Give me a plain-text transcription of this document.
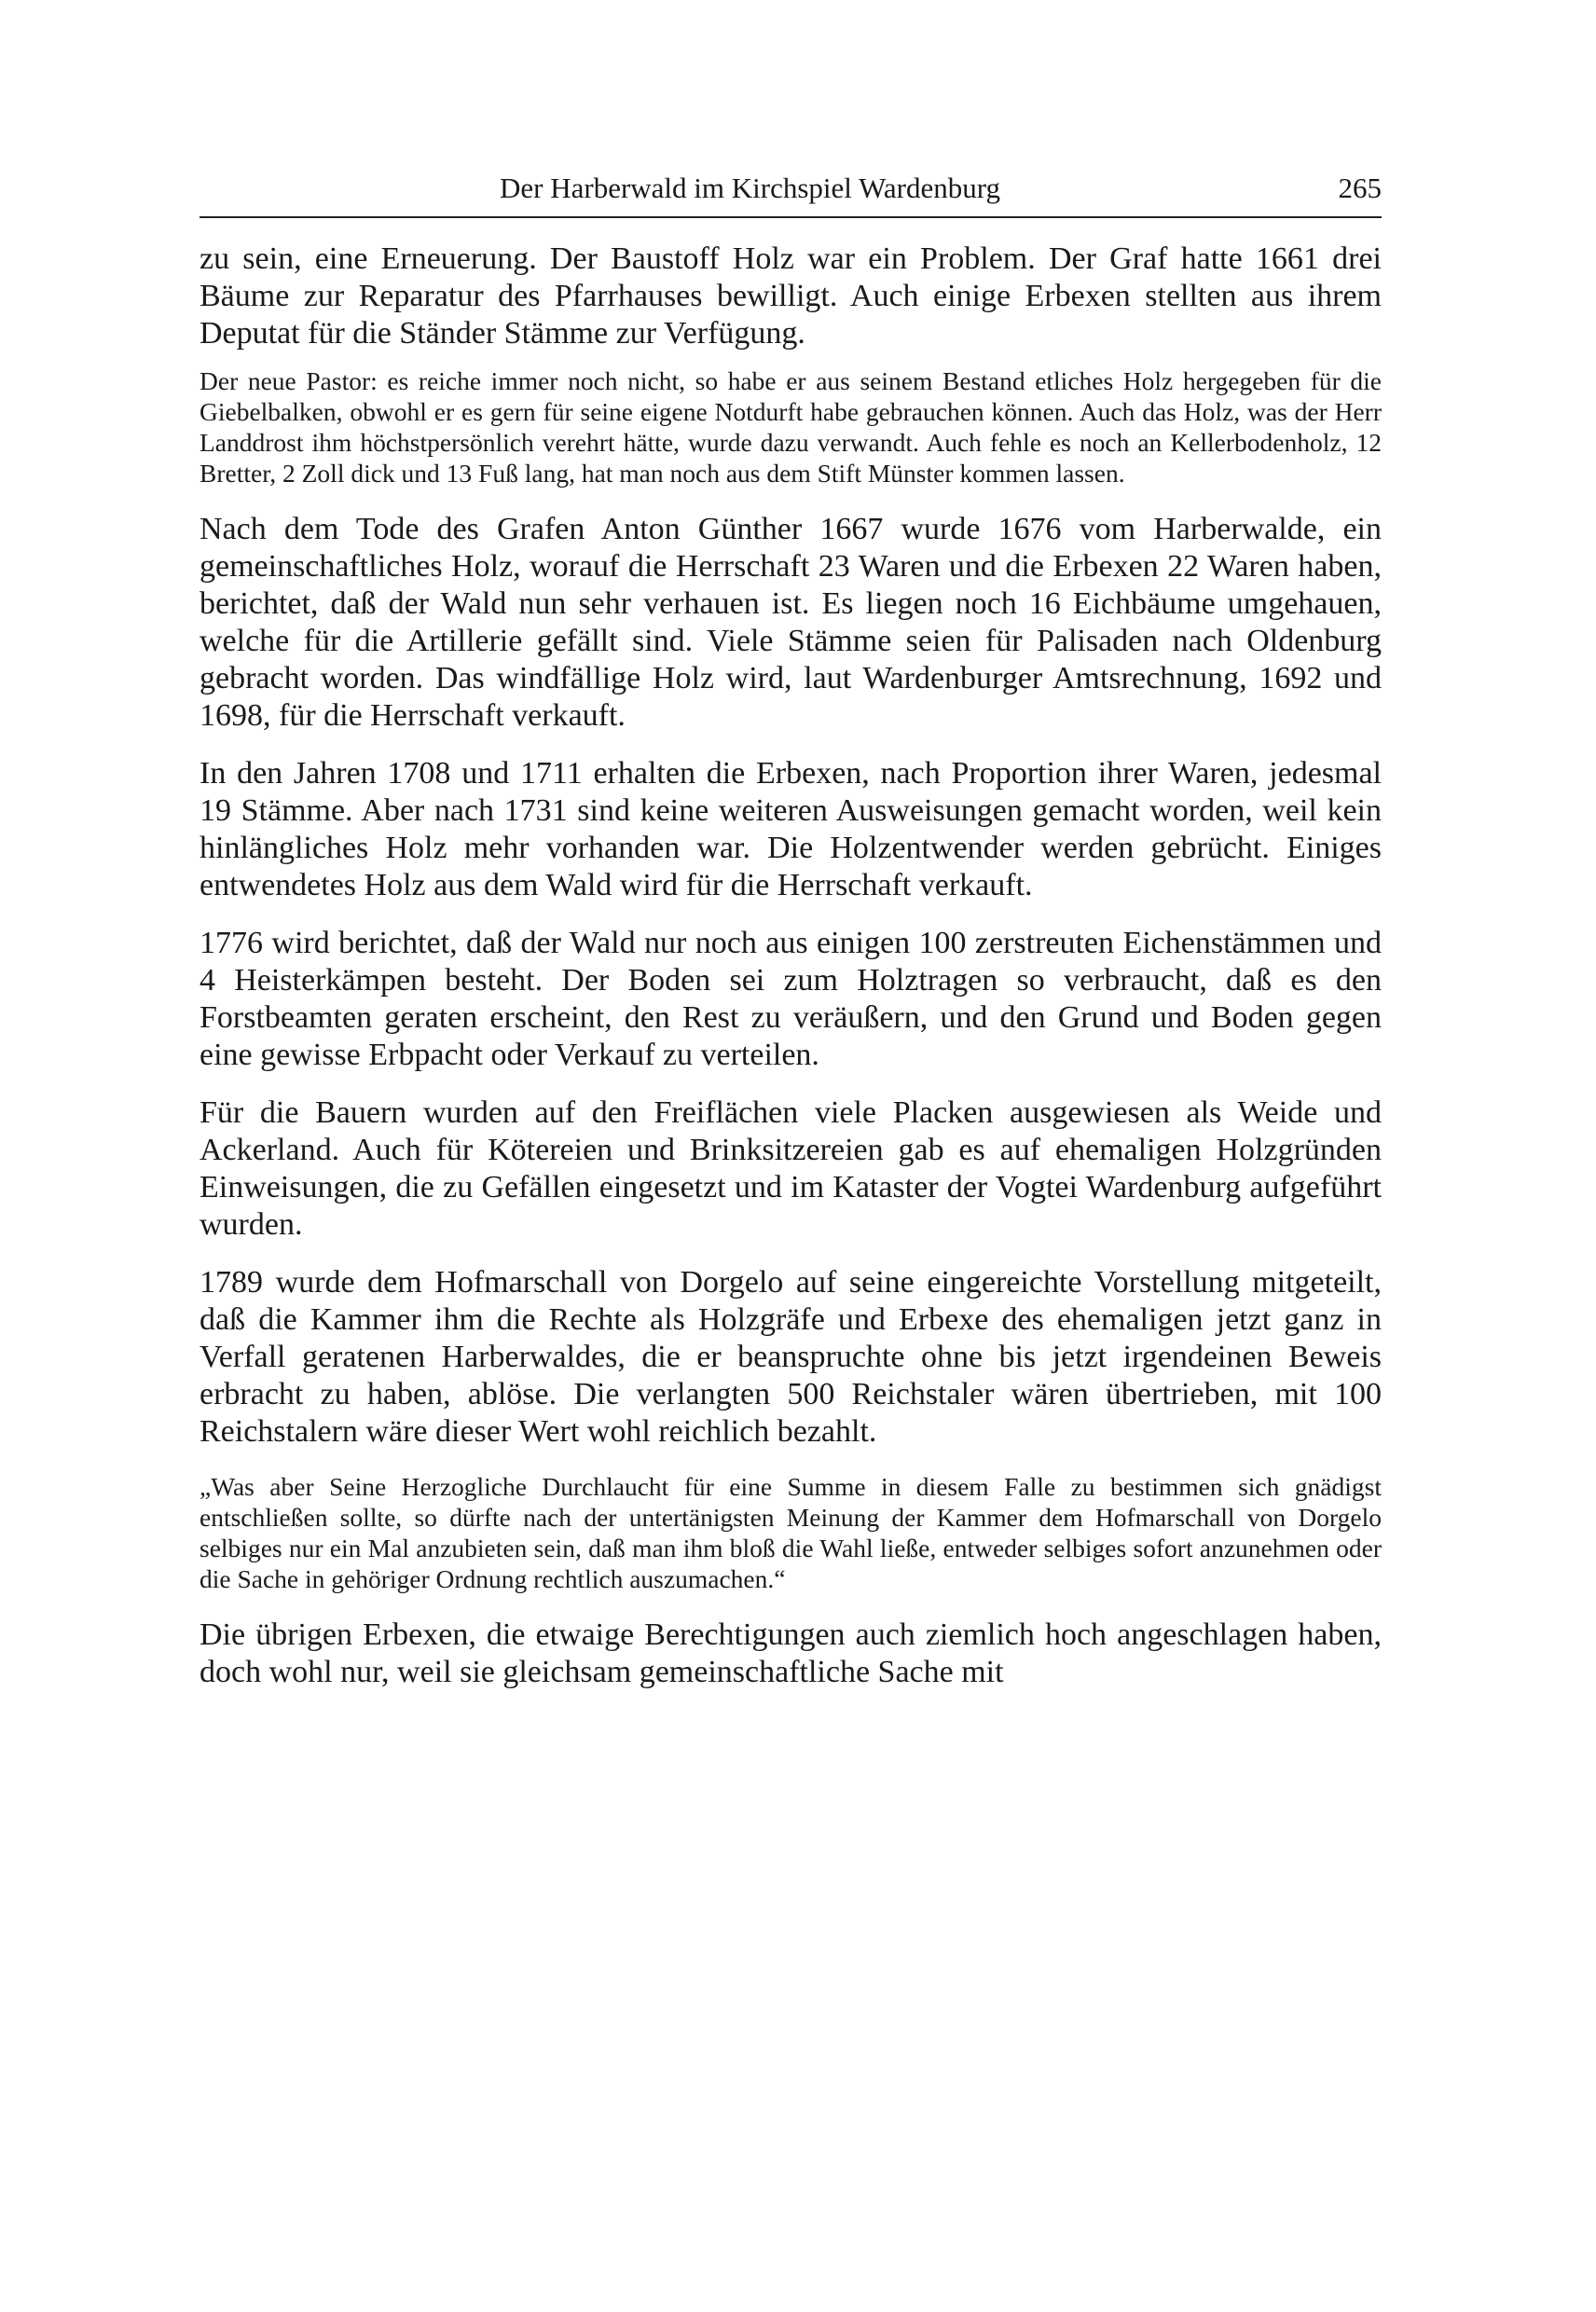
Der Harberwald im Kirchspiel Wardenburg	265

zu sein, eine Erneuerung. Der Baustoff Holz war ein Problem. Der Graf hatte 1661 drei Bäume zur Reparatur des Pfarrhauses bewilligt. Auch einige Erbexen stellten aus ihrem Deputat für die Ständer Stämme zur Verfügung.

Der neue Pastor: es reiche immer noch nicht, so habe er aus seinem Bestand etliches Holz hergegeben für die Giebelbalken, obwohl er es gern für seine eigene Notdurft habe gebrauchen können. Auch das Holz, was der Herr Landdrost ihm höchstpersönlich verehrt hätte, wurde dazu verwandt. Auch fehle es noch an Kellerbodenholz, 12 Bretter, 2 Zoll dick und 13 Fuß lang, hat man noch aus dem Stift Münster kommen lassen.

Nach dem Tode des Grafen Anton Günther 1667 wurde 1676 vom Harberwalde, ein gemeinschaftliches Holz, worauf die Herrschaft 23 Waren und die Erbexen 22 Waren haben, berichtet, daß der Wald nun sehr verhauen ist. Es liegen noch 16 Eichbäume umgehauen, welche für die Artillerie gefällt sind. Viele Stämme seien für Palisaden nach Oldenburg gebracht worden. Das windfällige Holz wird, laut Wardenburger Amtsrechnung, 1692 und 1698, für die Herrschaft verkauft.

In den Jahren 1708 und 1711 erhalten die Erbexen, nach Proportion ihrer Waren, jedesmal 19 Stämme. Aber nach 1731 sind keine weiteren Ausweisungen gemacht worden, weil kein hinlängliches Holz mehr vorhanden war. Die Holzentwender werden gebrücht. Einiges entwendetes Holz aus dem Wald wird für die Herrschaft verkauft.

1776 wird berichtet, daß der Wald nur noch aus einigen 100 zerstreuten Eichenstämmen und 4 Heisterkämpen besteht. Der Boden sei zum Holztragen so verbraucht, daß es den Forstbeamten geraten erscheint, den Rest zu veräußern, und den Grund und Boden gegen eine gewisse Erbpacht oder Verkauf zu verteilen.

Für die Bauern wurden auf den Freiflächen viele Placken ausgewiesen als Weide und Ackerland. Auch für Kötereien und Brinksitzereien gab es auf ehemaligen Holzgründen Einweisungen, die zu Gefällen eingesetzt und im Kataster der Vogtei Wardenburg aufgeführt wurden.

1789 wurde dem Hofmarschall von Dorgelo auf seine eingereichte Vorstellung mitgeteilt, daß die Kammer ihm die Rechte als Holzgräfe und Erbexe des ehemaligen jetzt ganz in Verfall geratenen Harberwaldes, die er beanspruchte ohne bis jetzt irgendeinen Beweis erbracht zu haben, ablöse. Die verlangten 500 Reichstaler wären übertrieben, mit 100 Reichstalern wäre dieser Wert wohl reichlich bezahlt.

„Was aber Seine Herzogliche Durchlaucht für eine Summe in diesem Falle zu bestimmen sich gnädigst entschließen sollte, so dürfte nach der untertänigsten Meinung der Kammer dem Hofmarschall von Dorgelo selbiges nur ein Mal anzubieten sein, daß man ihm bloß die Wahl ließe, entweder selbiges sofort anzunehmen oder die Sache in gehöriger Ordnung rechtlich auszumachen.“

Die übrigen Erbexen, die etwaige Berechtigungen auch ziemlich hoch angeschlagen haben, doch wohl nur, weil sie gleichsam gemeinschaftliche Sache mit
